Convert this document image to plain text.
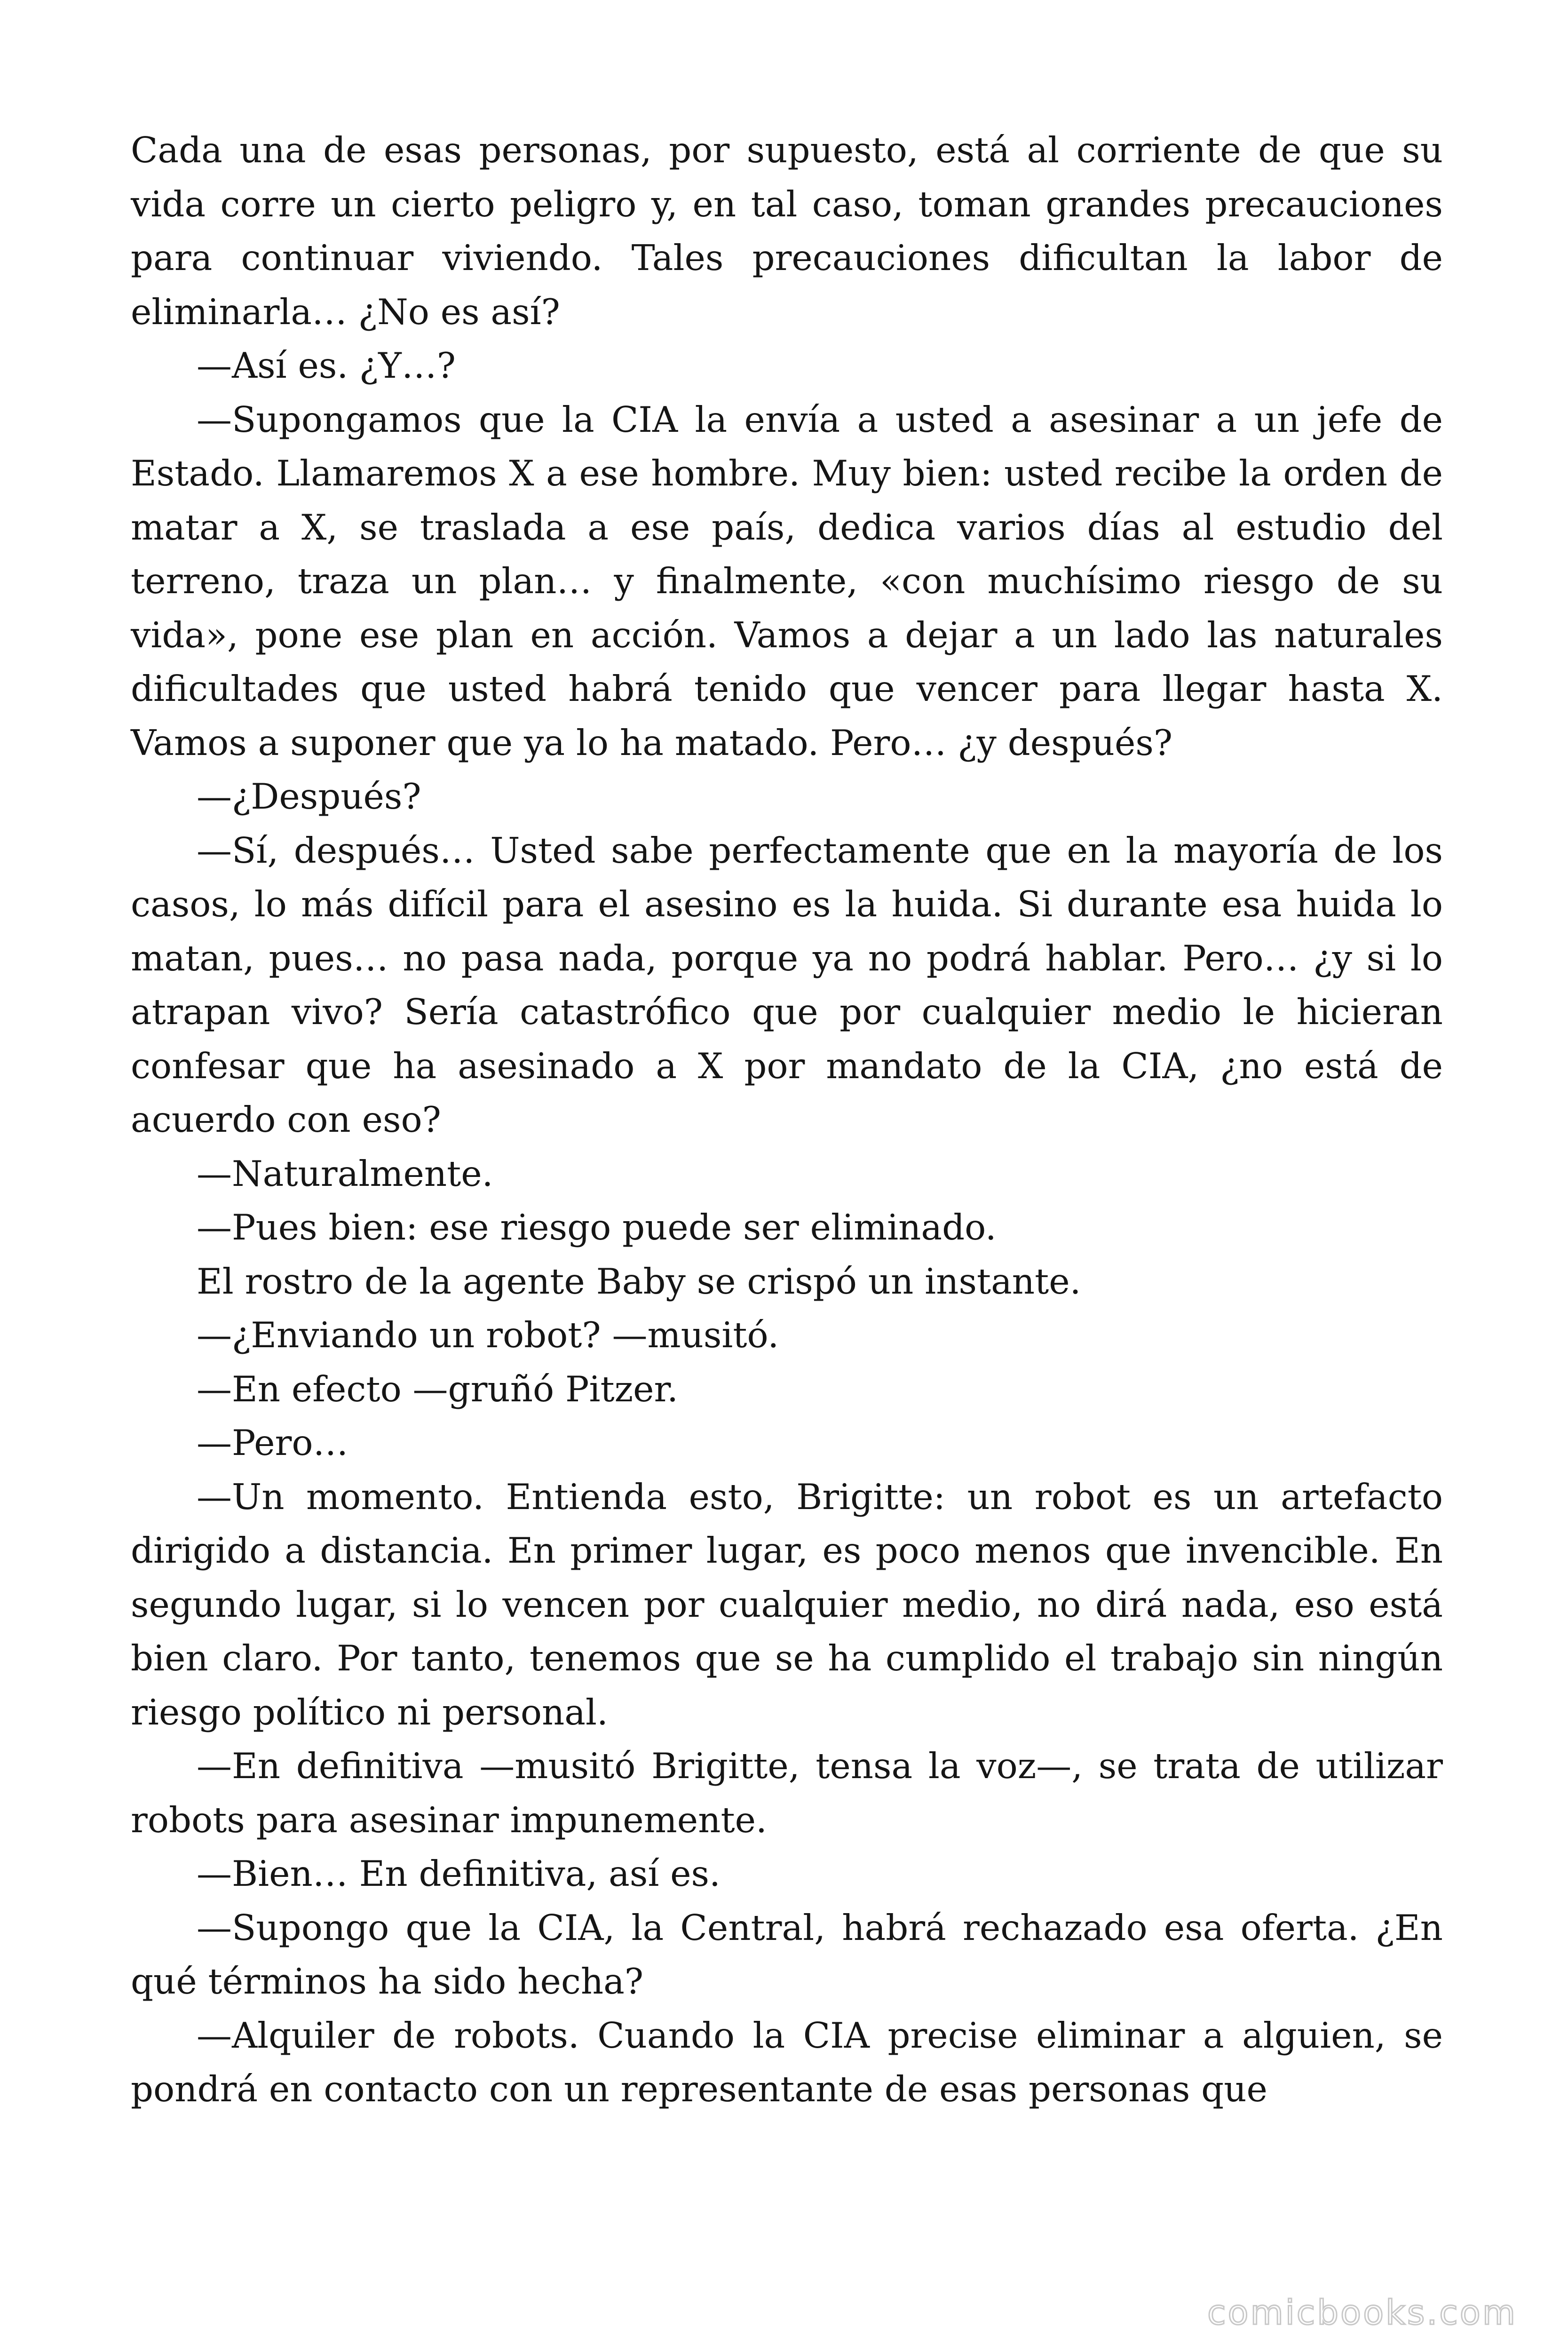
Cada una de esas personas, por supuesto, está al corriente de que su vida corre un cierto peligro y, en tal caso, toman grandes precauciones para continuar viviendo. Tales precauciones dificultan la labor de eliminarla… ¿No es así?

—Así es. ¿Y…?

—Supongamos que la CIA la envía a usted a asesinar a un jefe de Estado. Llamaremos X a ese hombre. Muy bien: usted recibe la orden de matar a X, se traslada a ese país, dedica varios días al estudio del terreno, traza un plan… y finalmente, «con muchísimo riesgo de su vida», pone ese plan en acción. Vamos a dejar a un lado las naturales dificultades que usted habrá tenido que vencer para llegar hasta X. Vamos a suponer que ya lo ha matado. Pero… ¿y después?

—¿Después?

—Sí, después… Usted sabe perfectamente que en la mayoría de los casos, lo más difícil para el asesino es la huida. Si durante esa huida lo matan, pues… no pasa nada, porque ya no podrá hablar. Pero… ¿y si lo atrapan vivo? Sería catastrófico que por cualquier medio le hicieran confesar que ha asesinado a X por mandato de la CIA, ¿no está de acuerdo con eso?

—Naturalmente.

—Pues bien: ese riesgo puede ser eliminado.

El rostro de la agente Baby se crispó un instante.

—¿Enviando un robot? —musitó.

—En efecto —gruñó Pitzer.

—Pero…

—Un momento. Entienda esto, Brigitte: un robot es un artefacto dirigido a distancia. En primer lugar, es poco menos que invencible. En segundo lugar, si lo vencen por cualquier medio, no dirá nada, eso está bien claro. Por tanto, tenemos que se ha cumplido el trabajo sin ningún riesgo político ni personal.

—En definitiva —musitó Brigitte, tensa la voz—, se trata de utilizar robots para asesinar impunemente.

—Bien… En definitiva, así es.

—Supongo que la CIA, la Central, habrá rechazado esa oferta. ¿En qué términos ha sido hecha?

—Alquiler de robots. Cuando la CIA precise eliminar a alguien, se pondrá en contacto con un representante de esas personas que

comicbooks.com
